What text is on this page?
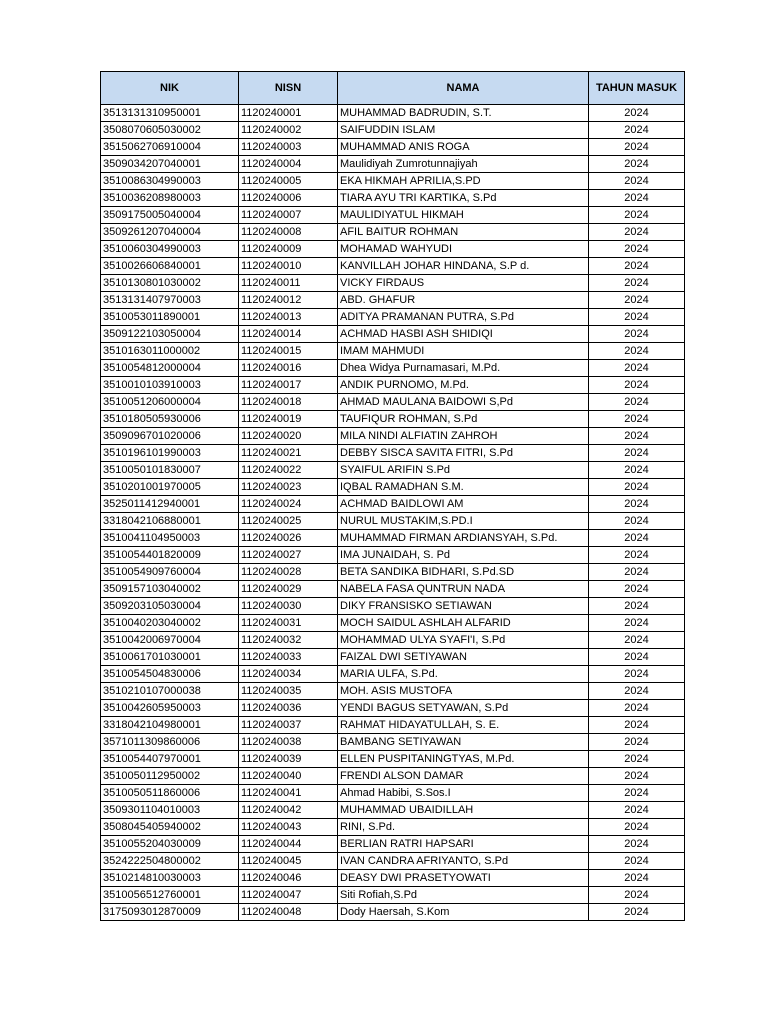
NIK	NISN	NAMA	TAHUN MASUK
3513131310950001	1120240001	MUHAMMAD BADRUDIN, S.T.	2024
3508070605030002	1120240002	SAIFUDDIN ISLAM	2024
3515062706910004	1120240003	MUHAMMAD ANIS ROGA	2024
3509034207040001	1120240004	Maulidiyah Zumrotunnajiyah	2024
3510086304990003	1120240005	EKA HIKMAH APRILIA,S.PD	2024
3510036208980003	1120240006	TIARA AYU TRI KARTIKA, S.Pd	2024
3509175005040004	1120240007	MAULIDIYATUL HIKMAH	2024
3509261207040004	1120240008	AFIL BAITUR ROHMAN	2024
3510060304990003	1120240009	MOHAMAD WAHYUDI	2024
3510026606840001	1120240010	KANVILLAH JOHAR HINDANA, S.P d.	2024
3510130801030002	1120240011	VICKY FIRDAUS	2024
3513131407970003	1120240012	ABD. GHAFUR	2024
3510053011890001	1120240013	ADITYA PRAMANAN PUTRA, S.Pd	2024
3509122103050004	1120240014	ACHMAD HASBI ASH SHIDIQI	2024
3510163011000002	1120240015	IMAM MAHMUDI	2024
3510054812000004	1120240016	Dhea Widya Purnamasari, M.Pd.	2024
3510010103910003	1120240017	ANDIK PURNOMO, M.Pd.	2024
3510051206000004	1120240018	AHMAD MAULANA BAIDOWI S,Pd	2024
3510180505930006	1120240019	TAUFIQUR ROHMAN, S.Pd	2024
3509096701020006	1120240020	MILA NINDI ALFIATIN ZAHROH	2024
3510196101990003	1120240021	DEBBY SISCA SAVITA FITRI, S.Pd	2024
3510050101830007	1120240022	SYAIFUL ARIFIN S.Pd	2024
3510201001970005	1120240023	IQBAL RAMADHAN S.M.	2024
3525011412940001	1120240024	ACHMAD BAIDLOWI AM	2024
3318042106880001	1120240025	NURUL MUSTAKIM,S.PD.I	2024
3510041104950003	1120240026	MUHAMMAD FIRMAN ARDIANSYAH, S.Pd.	2024
3510054401820009	1120240027	IMA JUNAIDAH, S. Pd	2024
3510054909760004	1120240028	BETA SANDIKA BIDHARI, S.Pd.SD	2024
3509157103040002	1120240029	NABELA FASA QUNTRUN NADA	2024
3509203105030004	1120240030	DIKY FRANSISKO SETIAWAN	2024
3510040203040002	1120240031	MOCH SAIDUL ASHLAH ALFARID	2024
3510042006970004	1120240032	MOHAMMAD ULYA SYAFI'I, S.Pd	2024
3510061701030001	1120240033	FAIZAL DWI SETIYAWAN	2024
3510054504830006	1120240034	MARIA ULFA, S.Pd.	2024
3510210107000038	1120240035	MOH. ASIS MUSTOFA	2024
3510042605950003	1120240036	YENDI BAGUS SETYAWAN, S.Pd	2024
3318042104980001	1120240037	RAHMAT HIDAYATULLAH, S. E.	2024
3571011309860006	1120240038	BAMBANG SETIYAWAN	2024
3510054407970001	1120240039	ELLEN PUSPITANINGTYAS, M.Pd.	2024
3510050112950002	1120240040	FRENDI ALSON DAMAR	2024
3510050511860006	1120240041	Ahmad Habibi, S.Sos.I	2024
3509301104010003	1120240042	MUHAMMAD UBAIDILLAH	2024
3508045405940002	1120240043	RINI, S.Pd.	2024
3510055204030009	1120240044	BERLIAN RATRI HAPSARI	2024
3524222504800002	1120240045	IVAN CANDRA AFRIYANTO, S.Pd	2024
3510214810030003	1120240046	DEASY DWI PRASETYOWATI	2024
3510056512760001	1120240047	Siti Rofiah,S.Pd	2024
3175093012870009	1120240048	Dody Haersah, S.Kom	2024
